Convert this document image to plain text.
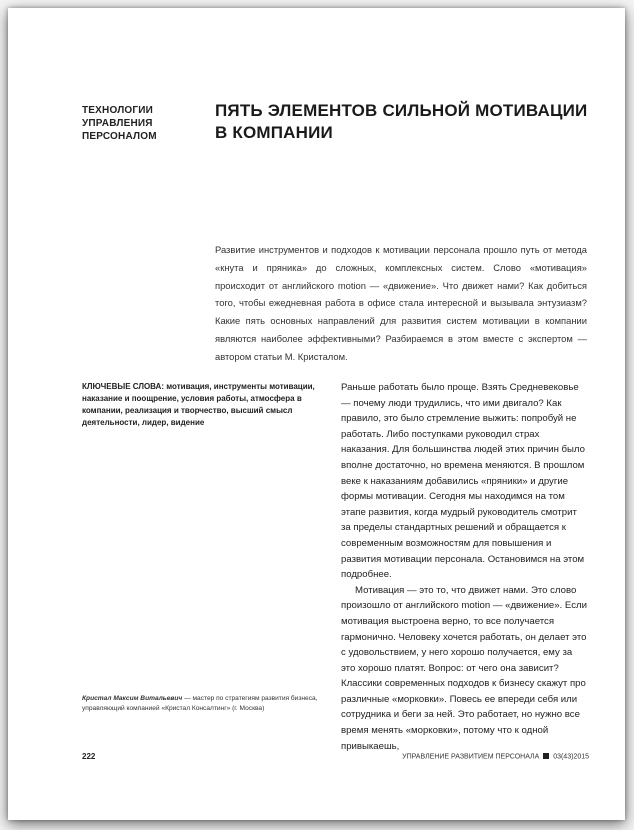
ТЕХНОЛОГИИ УПРАВЛЕНИЯ ПЕРСОНАЛОМ
ПЯТЬ ЭЛЕМЕНТОВ СИЛЬНОЙ МОТИВАЦИИ В КОМПАНИИ
Развитие инструментов и подходов к мотивации персонала прошло путь от метода «кнута и пряника» до сложных, комплексных систем. Слово «мотивация» происходит от английского motion — «движение». Что движет нами? Как добиться того, чтобы ежедневная работа в офисе стала интересной и вызывала энтузиазм? Какие пять основных направлений для развития систем мотивации в компании являются наиболее эффективными? Разбираемся в этом вместе с экспертом — автором статьи М. Кристалом.
КЛЮЧЕВЫЕ СЛОВА: мотивация, инструменты мотивации, наказание и поощрение, условия работы, атмосфера в компании, реализация и творчество, высший смысл деятельности, лидер, видение

Раньше работать было проще. Взять Средневековье — почему люди трудились, что ими двигало? Как правило, это было стремление выжить: попробуй не работать. Либо поступками руководил страх наказания. Для большинства людей этих причин было вполне достаточно, но времена меняются. В прошлом веке к наказаниям добавились «пряники» и другие формы мотивации. Сегодня мы находимся на том этапе развития, когда мудрый руководитель смотрит за пределы стандартных решений и обращается к современным возможностям для повышения и развития мотивации персонала. Остановимся на этом подробнее.

Мотивация — это то, что движет нами. Это слово произошло от английского motion — «движение». Если мотивация выстроена верно, то все получается гармонично. Человеку хочется работать, он делает это с удовольствием, у него хорошо получается, ему за это хорошо платят. Вопрос: от чего она зависит? Классики современных подходов к бизнесу скажут про различные «морковки». Повесь ее впереди себя или сотрудника и беги за ней. Это работает, но нужно все время менять «морковки», потому что к одной привыкаешь,

Кристал Максим Витальевич — мастер по стратегиям развития бизнеса, управляющий компанией «Кристал Консалтинг» (г. Москва)
222	УПРАВЛЕНИЕ РАЗВИТИЕМ ПЕРСОНАЛА 03(43)2015
